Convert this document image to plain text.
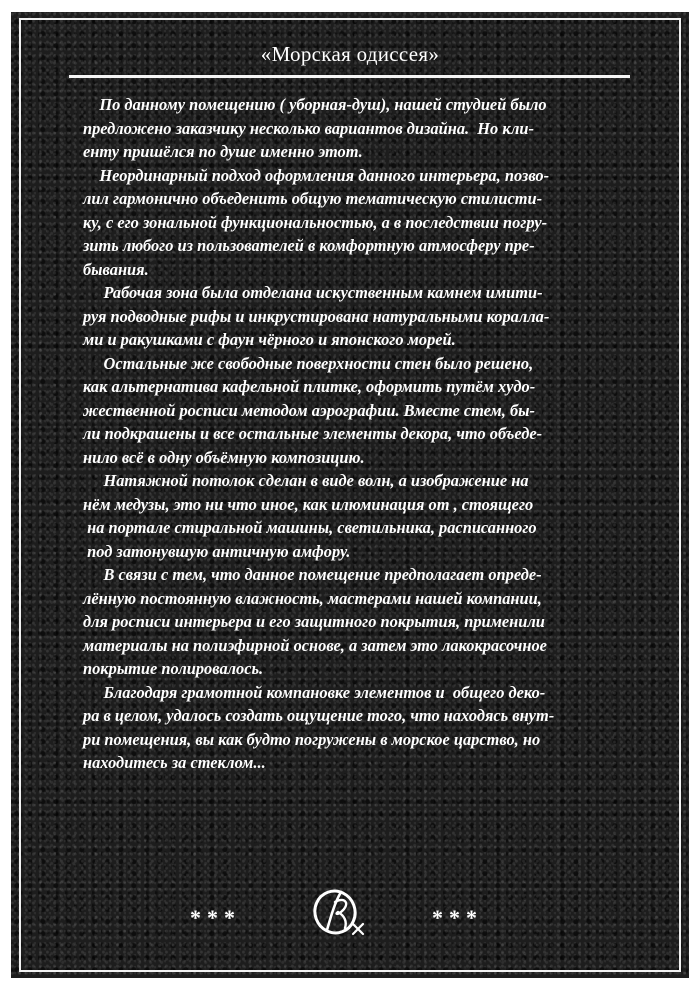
«Морская одиссея»
По данному помещению ( уборная-душ), нашей студией было
предложено заказчику несколько вариантов дизайна.  Но кли-
енту пришёлся по душе именно этот.
Неординарный подход оформления данного интерьера, позво-
лил гармонично объеденить общую тематическую стилисти-
ку, с его зональной функциональностью, а в последствии погру-
зить любого из пользователей в комфортную атмосферу пре-
бывания.
Рабочая зона была отделана искуственным камнем имити-
руя подводные рифы и инкрустирована натуральными коралла-
ми и ракушками с фаун чёрного и японского морей.
Остальные же свободные поверхности стен было решено,
как альтернатива кафельной плитке, оформить путём худо-
жественной росписи методом аэрографии. Вместе стем, бы-
ли подкрашены и все остальные элементы декора, что объеде-
нило всё в одну объёмную композицию.
Натяжной потолок сделан в виде волн, а изображение на
нём медузы, это ни что иное, как илюминация от , стоящего
на портале стиральной машины, светильника, расписанного
под затонувшую античную амфору.
В связи с тем, что данное помещение предполагает опреде-
лённую постоянную влажность, мастерами нашей компании,
для росписи интерьера и его защитного покрытия, применили
материалы на полиэфирной основе, а затем это лакокрасочное
покрытие полировалось.
Благодаря грамотной компановке элементов и  общего деко-
ра в целом, удалось создать ощущение того, что находясь внут-
ри помещения, вы как будто погружены в морское царство, но
находитесь за стеклом...
***	***
